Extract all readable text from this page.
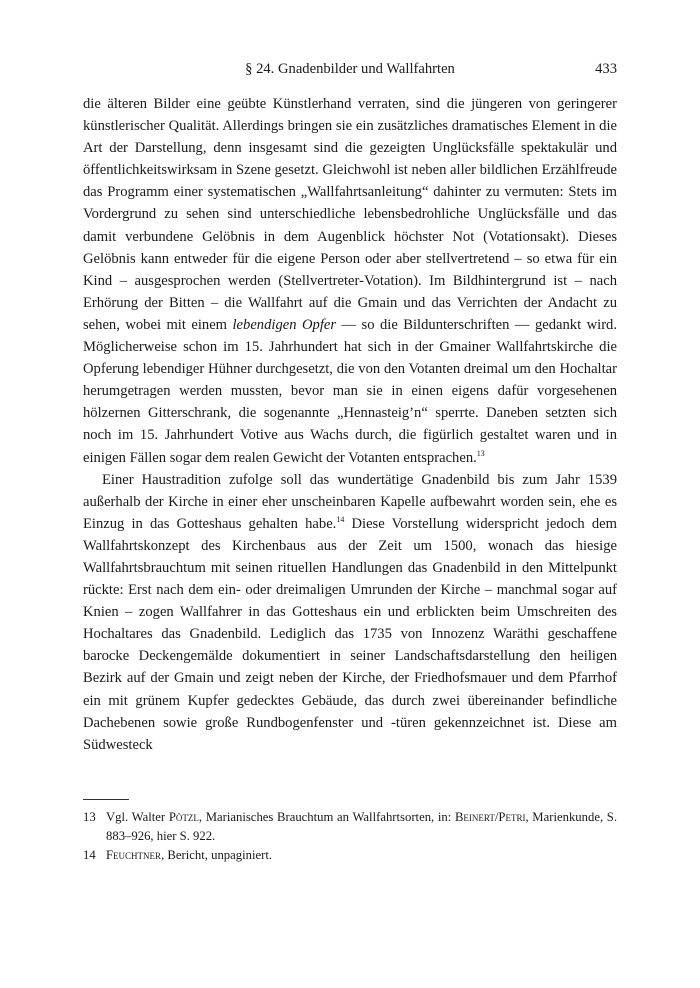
§ 24. Gnadenbilder und Wallfahrten	433

die älteren Bilder eine geübte Künstlerhand verraten, sind die jüngeren von geringerer künstlerischer Qualität. Allerdings bringen sie ein zusätzliches dramatisches Element in die Art der Darstellung, denn insgesamt sind die gezeigten Unglücksfälle spektakulär und öffentlichkeitswirksam in Szene gesetzt. Gleichwohl ist neben aller bildlichen Erzählfreude das Programm einer systematischen „Wallfahrtsanleitung“ dahinter zu vermuten: Stets im Vordergrund zu sehen sind unterschiedliche lebensbedrohliche Unglücksfälle und das damit verbundene Gelöbnis in dem Augenblick höchster Not (Votationsakt). Dieses Gelöbnis kann entweder für die eigene Person oder aber stellvertretend – so etwa für ein Kind – ausgesprochen werden (Stellvertreter-Votation). Im Bildhintergrund ist – nach Erhörung der Bitten – die Wallfahrt auf die Gmain und das Verrichten der Andacht zu sehen, wobei mit einem lebendigen Opfer — so die Bildunterschriften — gedankt wird. Möglicherweise schon im 15. Jahrhundert hat sich in der Gmainer Wallfahrtskirche die Opferung lebendiger Hühner durchgesetzt, die von den Votanten dreimal um den Hochaltar herumgetragen werden mussten, bevor man sie in einen eigens dafür vorgesehenen hölzernen Gitterschrank, die sogenannte „Hennasteig’n“ sperrte. Daneben setzten sich noch im 15. Jahrhundert Votive aus Wachs durch, die figürlich gestaltet waren und in einigen Fällen sogar dem realen Gewicht der Votanten entsprachen.$^{13}$

Einer Haustradition zufolge soll das wundertätige Gnadenbild bis zum Jahr 1539 außerhalb der Kirche in einer eher unscheinbaren Kapelle aufbewahrt worden sein, ehe es Einzug in das Gotteshaus gehalten habe.$^{14}$ Diese Vorstellung widerspricht jedoch dem Wallfahrtskonzept des Kirchenbaus aus der Zeit um 1500, wonach das hiesige Wallfahrtsbrauchtum mit seinen rituellen Handlungen das Gnadenbild in den Mittelpunkt rückte: Erst nach dem ein- oder dreimaligen Umrunden der Kirche – manchmal sogar auf Knien – zogen Wallfahrer in das Gotteshaus ein und erblickten beim Umschreiten des Hochaltares das Gnadenbild. Lediglich das 1735 von Innozenz Waräthi geschaffene barocke Deckengemälde dokumentiert in seiner Landschaftsdarstellung den heiligen Bezirk auf der Gmain und zeigt neben der Kirche, der Friedhofsmauer und dem Pfarrhof ein mit grünem Kupfer gedecktes Gebäude, das durch zwei übereinander befindliche Dachebenen sowie große Rundbogenfenster und -türen gekennzeichnet ist. Diese am Südwesteck

13 Vgl. Walter Pötzl, Marianisches Brauchtum an Wallfahrtsorten, in: Beinert/Petri, Marienkunde, S. 883–926, hier S. 922.
14 Feuchtner, Bericht, unpaginiert.
